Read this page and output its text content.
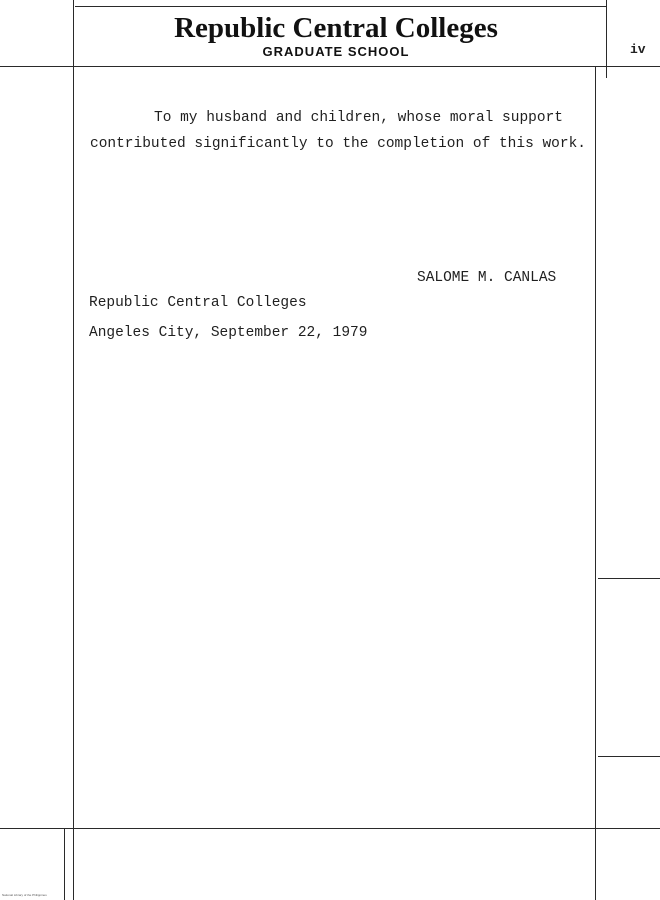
Republic Central Colleges
GRADUATE SCHOOL	iv

To my husband and children, whose moral support contributed significantly to the completion of this work.

SALOME M. CANLAS
Republic Central Colleges
Angeles City, September 22, 1979
National Library of the Philippines
